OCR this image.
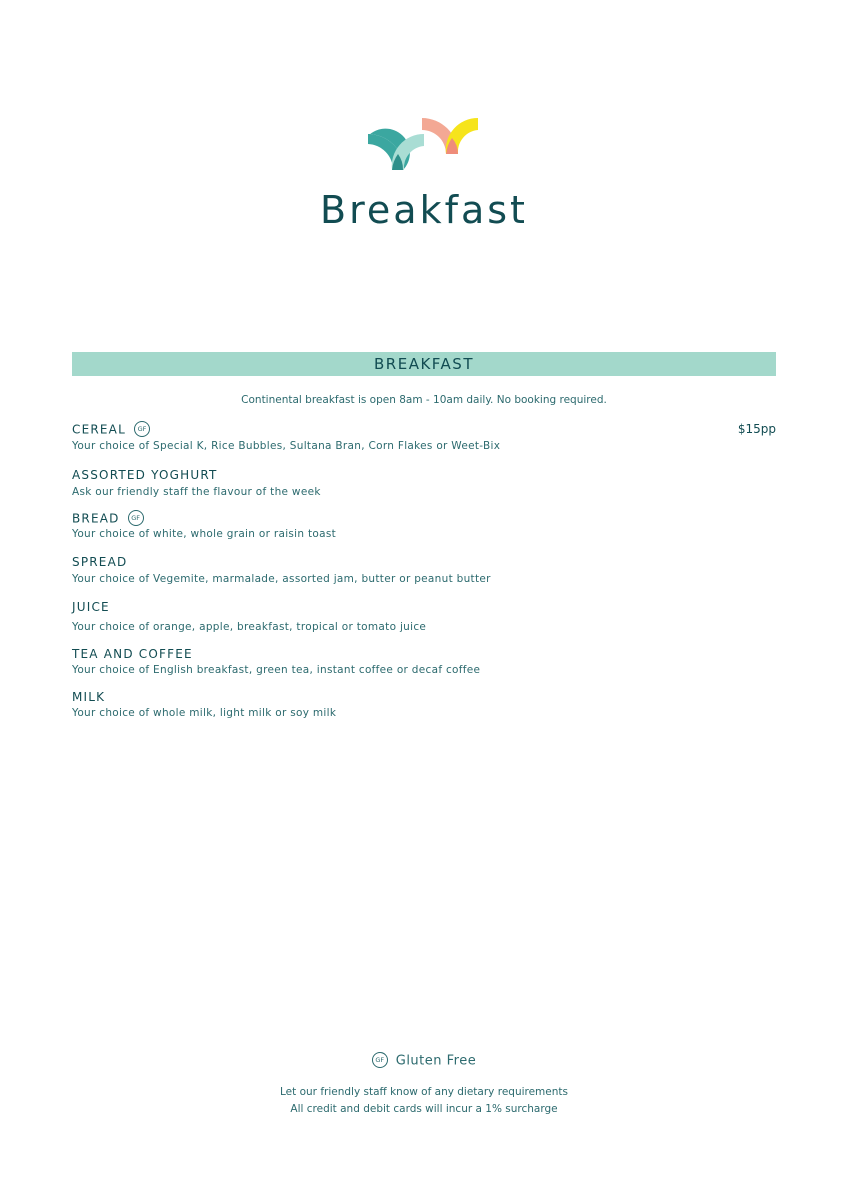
Breakfast
BREAKFAST
Continental breakfast is open 8am - 10am daily. No booking required.
$15pp
CEREAL GF
Your choice of Special K, Rice Bubbles, Sultana Bran, Corn Flakes or Weet-Bix
ASSORTED YOGHURT
Ask our friendly staff the flavour of the week
BREAD GF
Your choice of white, whole grain or raisin toast
SPREAD
Your choice of Vegemite, marmalade, assorted jam, butter or peanut butter
JUICE
Your choice of orange, apple, breakfast, tropical or tomato juice
TEA AND COFFEE
Your choice of English breakfast, green tea, instant coffee or decaf coffee
MILK
Your choice of whole milk, light milk or soy milk
GF Gluten Free
Let our friendly staff know of any dietary requirements
All credit and debit cards will incur a 1% surcharge
